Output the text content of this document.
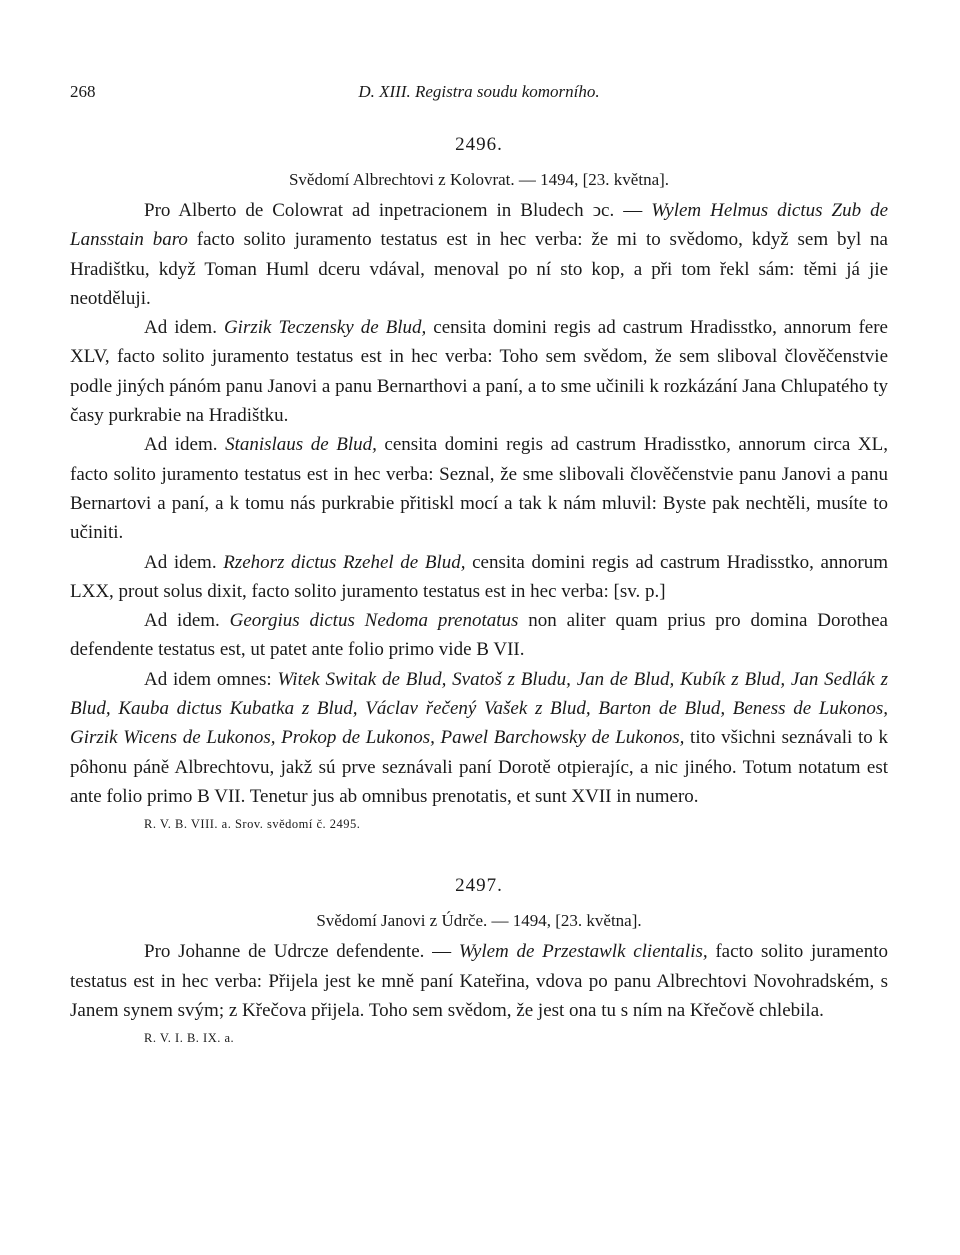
268	D. XIII. Registra soudu komorního.
2496.
Svědomí Albrechtovi z Kolovrat. — 1494, [23. května].

Pro Alberto de Colowrat ad inpetracionem in Bludech ↄc. — Wylem Helmus dictus Zub de Lansstain baro facto solito juramento testatus est in hec verba: že mi to svědomo, když sem byl na Hradištku, když Toman Huml dceru vdával, menoval po ní sto kop, a při tom řekl sám: těmi já jie neotděluji.

Ad idem. Girzik Teczensky de Blud, censita domini regis ad castrum Hradisstko, annorum fere XLV, facto solito juramento testatus est in hec verba: Toho sem svědom, že sem sliboval člověčenstvie podle jiných pánóm panu Janovi a panu Bernarthovi a paní, a to sme učinili k rozkázání Jana Chlupatého ty časy purkrabie na Hradištku.

Ad idem. Stanislaus de Blud, censita domini regis ad castrum Hradisstko, annorum circa XL, facto solito juramento testatus est in hec verba: Seznal, že sme slibovali člověčenstvie panu Janovi a panu Bernartovi a paní, a k tomu nás purkrabie přitiskl mocí a tak k nám mluvil: Byste pak nechtěli, musíte to učiniti.

Ad idem. Rzehorz dictus Rzehel de Blud, censita domini regis ad castrum Hradisstko, annorum LXX, prout solus dixit, facto solito juramento testatus est in hec verba: [sv. p.]

Ad idem. Georgius dictus Nedoma prenotatus non aliter quam prius pro domina Dorothea defendente testatus est, ut patet ante folio primo vide B VII.

Ad idem omnes: Witek Switak de Blud, Svatoš z Bludu, Jan de Blud, Kubík z Blud, Jan Sedlák z Blud, Kauba dictus Kubatka z Blud, Václav řečený Vašek z Blud, Barton de Blud, Beness de Lukonos, Girzik Wicens de Lukonos, Prokop de Lukonos, Pawel Barchowsky de Lukonos, tito všichni seznávali to k pôhonu páně Albrechtovu, jakž sú prve seznávali paní Dorotě otpierajíc, a nic jiného. Totum notatum est ante folio primo B VII. Tenetur jus ab omnibus prenotatis, et sunt XVII in numero.

R. V. B. VIII. a. Srov. svědomí č. 2495.
2497.
Svědomí Janovi z Údrče. — 1494, [23. května].

Pro Johanne de Udrcze defendente. — Wylem de Przestawlk clientalis, facto solito juramento testatus est in hec verba: Přijela jest ke mně paní Kateřina, vdova po panu Albrechtovi Novohradském, s Janem synem svým; z Křečova přijela. Toho sem svědom, že jest ona tu s ním na Křečově chlebila.

R. V. I. B. IX. a.
